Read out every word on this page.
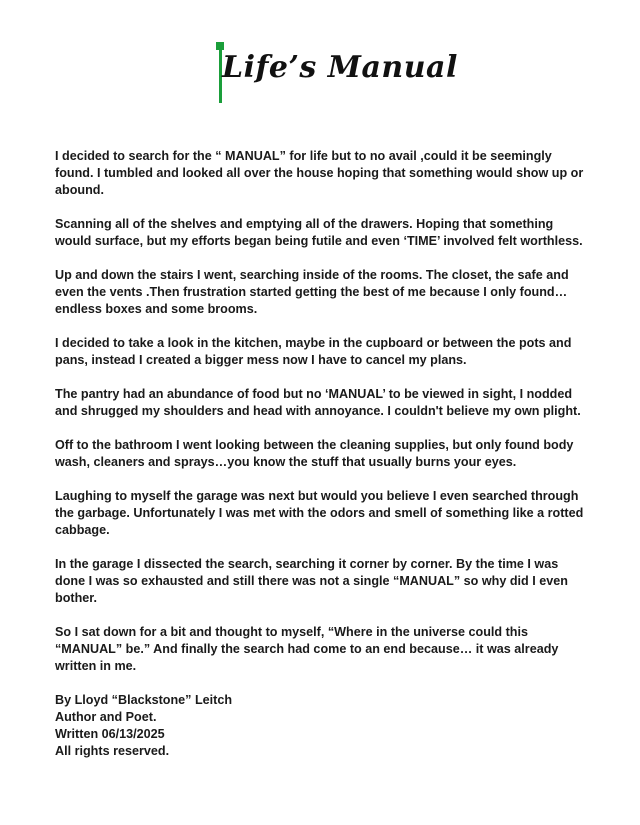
Life’s Manual

I decided to search for the “ MANUAL” for life but to no avail ,could it be seemingly
found. I tumbled and looked all over the house hoping that something would show up or
abound.

Scanning all of the shelves and emptying all of the drawers. Hoping that something
would surface, but my efforts began being futile and even ‘TIME’ involved felt worthless.

Up and down the stairs I went, searching inside of the rooms. The closet, the safe and
even the vents .Then frustration started getting the best of me because I only found…
endless boxes and some brooms.

I decided to take a look in the kitchen, maybe in the cupboard or between the pots and
pans, instead I created a bigger mess now I have to cancel my plans.

The pantry had an abundance of food but no ‘MANUAL’ to be viewed in sight, I nodded
and shrugged my shoulders and head with annoyance. I couldn't believe my own plight.

Off to the bathroom I went looking between the cleaning supplies, but only found body
wash, cleaners and sprays…you know the stuff that usually burns your eyes.

Laughing to myself the garage was next but would you believe I even searched through
the garbage. Unfortunately I was met with the odors and smell of something like a rotted
cabbage.

In the garage I dissected the search, searching it corner by corner. By the time I was
done I was so exhausted and still there was not a single “MANUAL” so why did I even
bother.

So I sat down for a bit and thought to myself, “Where in the universe could this
“MANUAL” be.” And finally the search had come to an end because… it was already
written in me.

By Lloyd “Blackstone” Leitch

Author and Poet.

Written 06/13/2025

All rights reserved.
